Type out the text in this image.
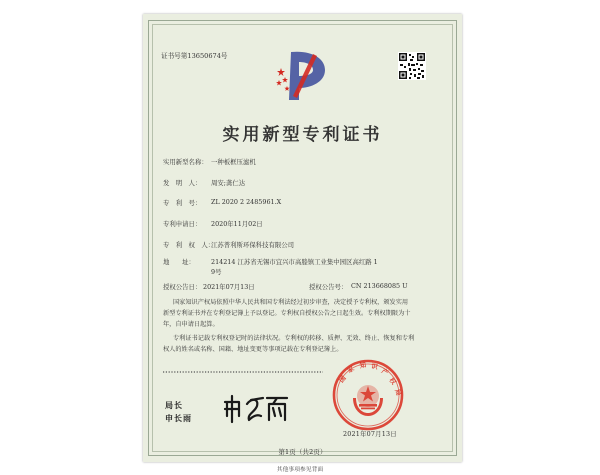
证书号第13650674号
实用新型专利证书
实用新型名称： 一种板框压滤机
发　明　人： 周安;龚仁达
专　利　号： ZL 2020 2 2485961.X
专利申请日： 2020年11月02日
专　利　权　人：
江苏普利斯环保科技有限公司
地　　址：	214214 江苏省无锡市宜兴市高塍镇工业集中园区高红路 1
9号
授权公告日： 2021年07月13日	授权公告号： CN 213668085 U
国家知识产权局依照中华人民共和国专利法经过初步审查，决定授予专利权，颁发实用
新型专利证书并在专利登记簿上予以登记。专利权自授权公告之日起生效。专利权期限为十
年，自申请日起算。
专利证书记载专利权登记时的法律状况。专利权的转移、质押、无效、终止、恢复和专利
权人的姓名或名称、国籍、地址变更等事项记载在专利登记簿上。
局长
申长雨
国
家 知 识
产
权
局
2021年07月13日
第1页（共2页）
其他事项参见背面
